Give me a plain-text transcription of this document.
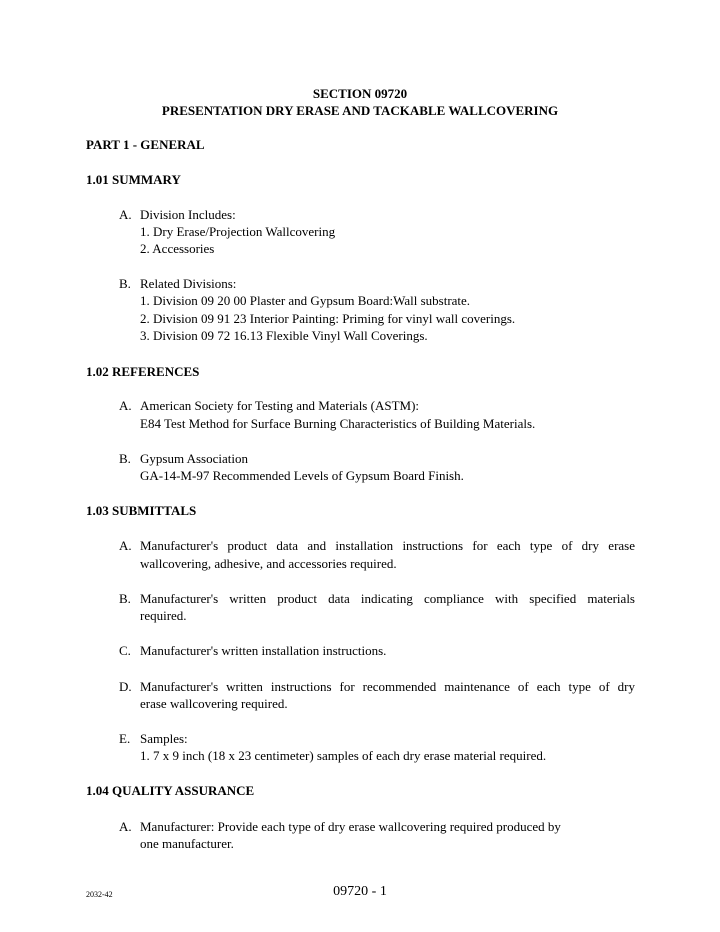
SECTION 09720
PRESENTATION DRY ERASE AND TACKABLE WALLCOVERING
PART 1 - GENERAL
1.01 SUMMARY
A. Division Includes:
1. Dry Erase/Projection Wallcovering
2. Accessories
B. Related Divisions:
1. Division 09 20 00 Plaster and Gypsum Board:Wall substrate.
2. Division 09 91 23 Interior Painting: Priming for vinyl wall coverings.
3. Division 09 72 16.13 Flexible Vinyl Wall Coverings.
1.02 REFERENCES
A. American Society for Testing and Materials (ASTM):
E84 Test Method for Surface Burning Characteristics of Building Materials.
B. Gypsum Association
GA-14-M-97 Recommended Levels of Gypsum Board Finish.
1.03 SUBMITTALS
A. Manufacturer's product data and installation instructions for each type of dry erase
wallcovering, adhesive, and accessories required.
B. Manufacturer's written product data indicating compliance with specified materials
required.
C. Manufacturer's written installation instructions.
D. Manufacturer's written instructions for recommended maintenance of each type of dry
erase wallcovering required.
E. Samples:
1. 7 x 9 inch (18 x 23 centimeter) samples of each dry erase material required.
1.04 QUALITY ASSURANCE
A. Manufacturer: Provide each type of dry erase wallcovering required produced by
one manufacturer.
2032-42	09720 - 1
